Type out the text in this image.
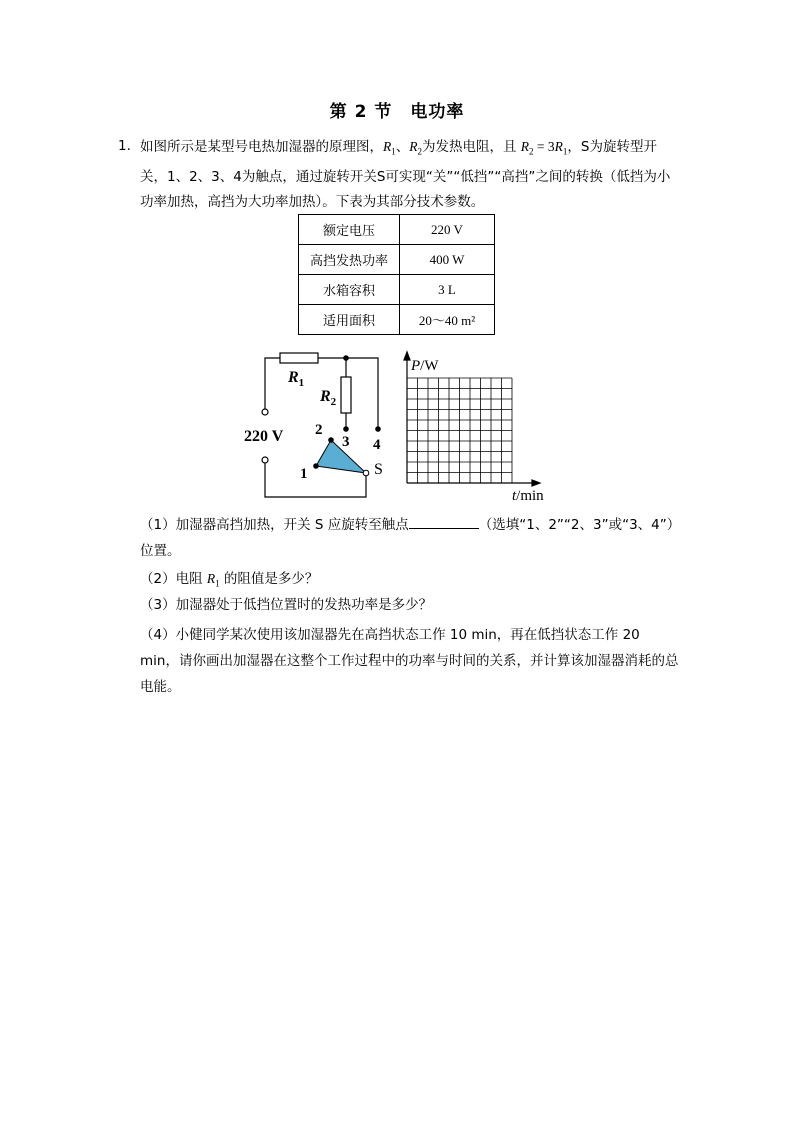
第 2 节 电功率
1． 如图所示是某型号电热加湿器的原理图，$R_1$、$R_2$为发热电阻，且 $R_2 = 3R_1$，S为旋转型开关，1、2、3、4为触点，通过旋转开关S可实现“关”“低挡”“高挡”之间的转换（低挡为小功率加热，高挡为大功率加热）。下表为其部分技术参数。
额定电压	220 V
高挡发热功率	400 W
水箱容积	3 L
适用面积	20～40 m²
$R_1$
$R_2$
220 V
1
2
3 4
S
P/W
t/min
（1）加湿器高挡加热，开关 S 应旋转至触点	（选填“1、2”“2、3”或“3、4”）位置。
（2）电阻 $R_1$ 的阻值是多少？
（3）加湿器处于低挡位置时的发热功率是多少？
（4）小健同学某次使用该加湿器先在高挡状态工作 10 min，再在低挡状态工作 20 min，请你画出加湿器在这整个工作过程中的功率与时间的关系，并计算该加湿器消耗的总电能。
